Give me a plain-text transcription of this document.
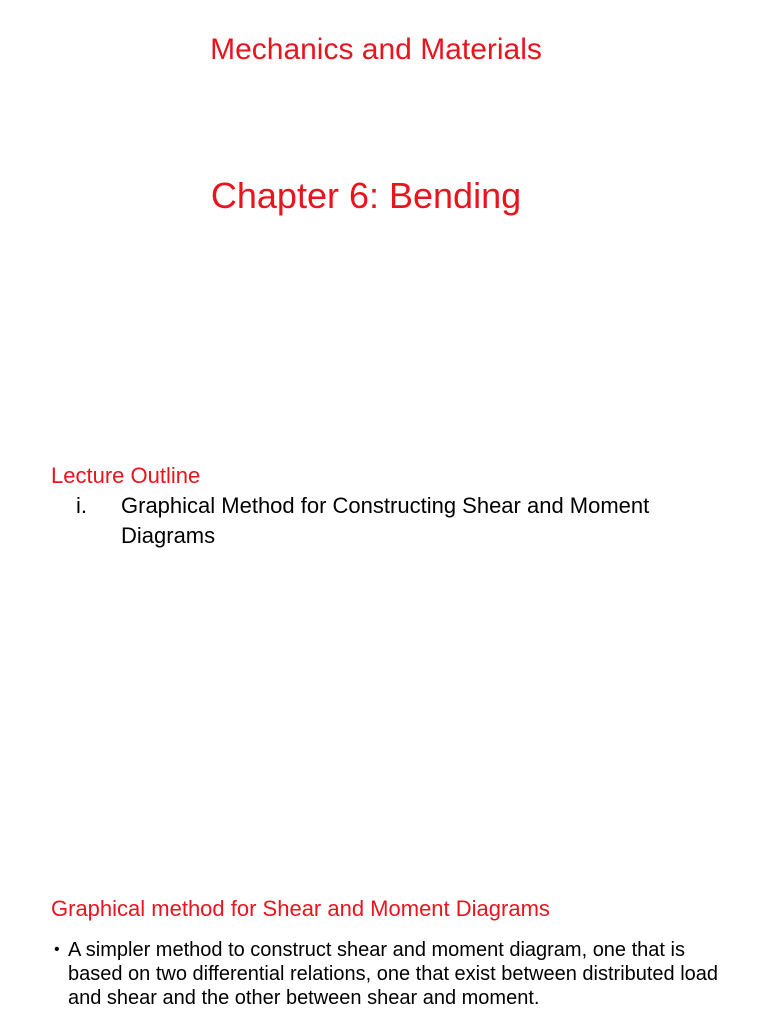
Mechanics and Materials
Chapter 6: Bending
Lecture Outline
i.	Graphical Method for Constructing Shear and Moment Diagrams
Graphical method for Shear and Moment Diagrams
• A simpler method to construct shear and moment diagram, one that is based on two differential relations, one that exist between distributed load and shear and the other between shear and moment.
